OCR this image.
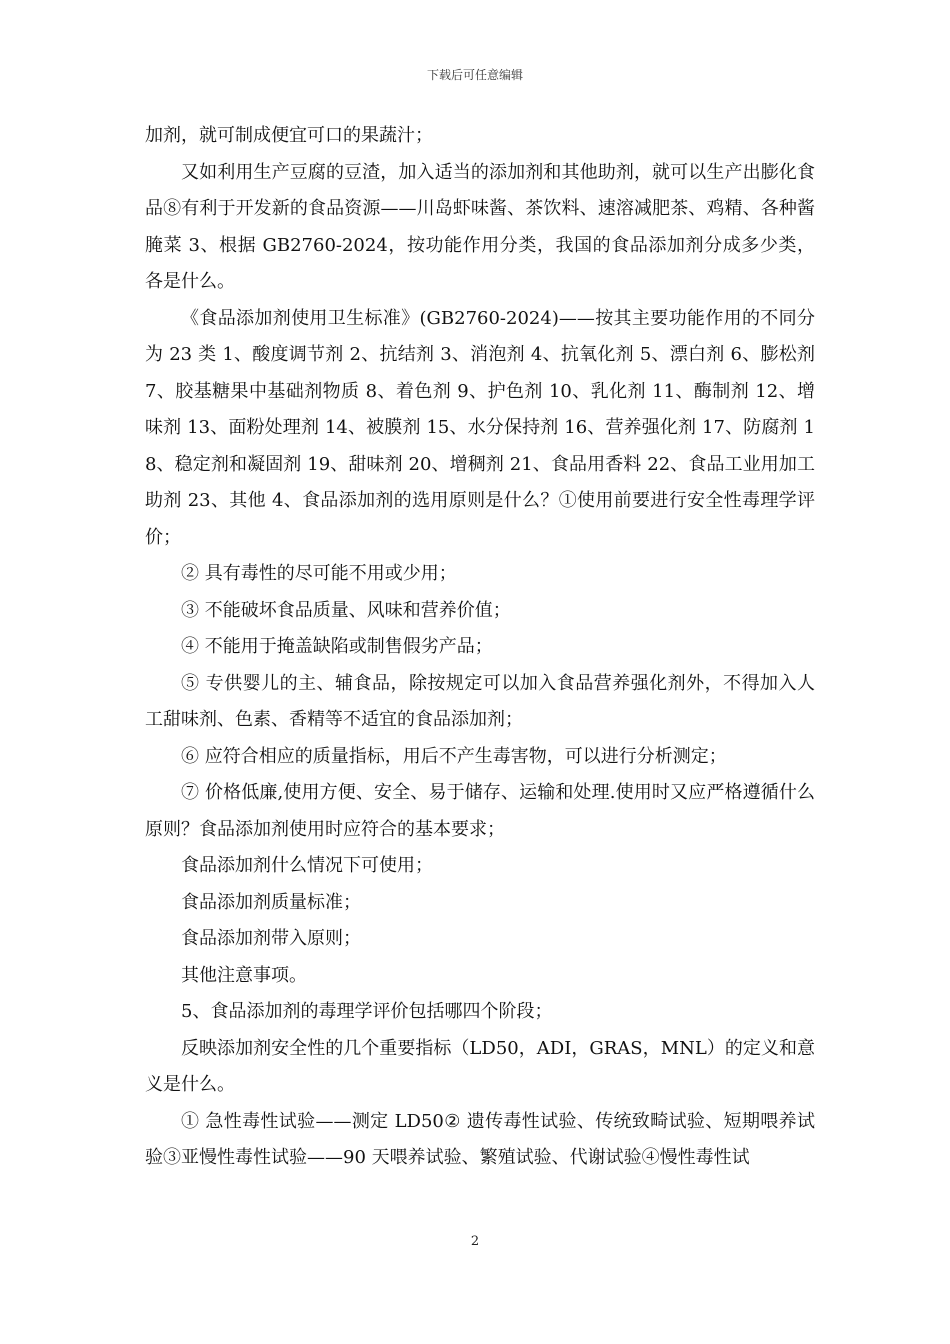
下载后可任意编辑

加剂，就可制成便宜可口的果蔬汁；

又如利用生产豆腐的豆渣，加入适当的添加剂和其他助剂，就可以生产出膨化食品⑧有利于开发新的食品资源——川岛虾味酱、茶饮料、速溶减肥茶、鸡精、各种酱腌菜 3、根据 GB2760-2024，按功能作用分类，我国的食品添加剂分成多少类，各是什么。

《食品添加剂使用卫生标准》(GB2760-2024)——按其主要功能作用的不同分为 23 类 1、酸度调节剂 2、抗结剂 3、消泡剂 4、抗氧化剂 5、漂白剂 6、膨松剂 7、胶基糖果中基础剂物质 8、着色剂 9、护色剂 10、乳化剂 11、酶制剂 12、增味剂 13、面粉处理剂 14、被膜剂 15、水分保持剂 16、营养强化剂 17、防腐剂 18、稳定剂和凝固剂 19、甜味剂 20、增稠剂 21、食品用香料 22、食品工业用加工助剂 23、其他 4、食品添加剂的选用原则是什么？①使用前要进行安全性毒理学评价；

② 具有毒性的尽可能不用或少用；

③ 不能破坏食品质量、风味和营养价值；

④ 不能用于掩盖缺陷或制售假劣产品；

⑤ 专供婴儿的主、辅食品，除按规定可以加入食品营养强化剂外，不得加入人工甜味剂、色素、香精等不适宜的食品添加剂；

⑥ 应符合相应的质量指标，用后不产生毒害物，可以进行分析测定；

⑦ 价格低廉,使用方便、安全、易于储存、运输和处理.使用时又应严格遵循什么原则？食品添加剂使用时应符合的基本要求；

食品添加剂什么情况下可使用；

食品添加剂质量标准；

食品添加剂带入原则；

其他注意事项。

5、食品添加剂的毒理学评价包括哪四个阶段；

反映添加剂安全性的几个重要指标（LD50，ADI，GRAS，MNL）的定义和意义是什么。

① 急性毒性试验——测定 LD50② 遗传毒性试验、传统致畸试验、短期喂养试验③亚慢性毒性试验——90 天喂养试验、繁殖试验、代谢试验④慢性毒性试

2
